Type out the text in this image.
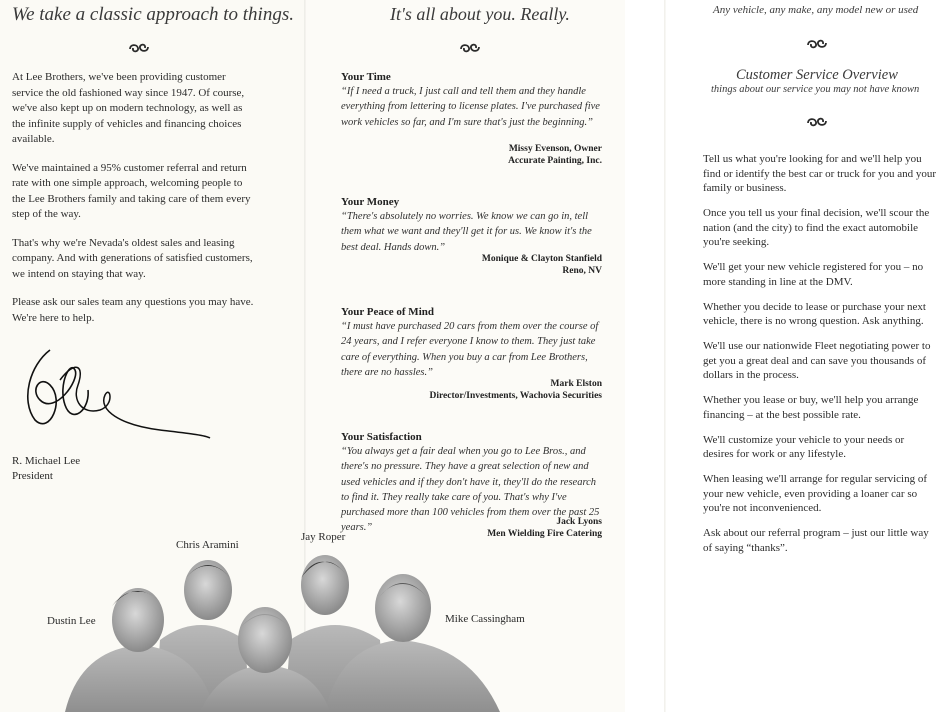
We take a classic approach to things.

At Lee Brothers, we've been providing customer service the old fashioned way since 1947. Of course, we've also kept up on modern technology, as well as the infinite supply of vehicles and financing choices available.

We've maintained a 95% customer referral and return rate with one simple approach, welcoming people to the Lee Brothers family and taking care of them every step of the way.

That's why we're Nevada's oldest sales and leasing company. And with generations of satisfied customers, we intend on staying that way.

Please ask our sales team any questions you may have. We're here to help.

R. Michael Lee
President
It's all about you. Really.
Your Time
“If I need a truck, I just call and tell them and they handle everything from lettering to license plates. I've purchased five work vehicles so far, and I'm sure that's just the beginning.”
Missy Evenson, Owner
Accurate Painting, Inc.
Your Money
“There's absolutely no worries. We know we can go in, tell them what we want and they'll get it for us. We know it's the best deal. Hands down.”
Monique & Clayton Stanfield
Reno, NV
Your Peace of Mind
“I must have purchased 20 cars from them over the course of 24 years, and I refer everyone I know to them. They just take care of everything. When you buy a car from Lee Brothers, there are no hassles.”
Mark Elston
Director/Investments, Wachovia Securities
Your Satisfaction
“You always get a fair deal when you go to Lee Bros., and there's no pressure. They have a great selection of new and used vehicles and if they don't have it, they'll do the research to find it. They really take care of you. That's why I've purchased more than 100 vehicles from them over the past 25 years.”
Jack Lyons
Men Wielding Fire Catering
Chris Aramini
Jay Roper
Dustin Lee	Mike Cassingham
Any vehicle, any make, any model new or used
Customer Service Overview
things about our service you may not have known

Tell us what you're looking for and we'll help you find or identify the best car or truck for you and your family or business.

Once you tell us your final decision, we'll scour the nation (and the city) to find the exact automobile you're seeking.

We'll get your new vehicle registered for you – no more standing in line at the DMV.

Whether you decide to lease or purchase your next vehicle, there is no wrong question. Ask anything.

We'll use our nationwide Fleet negotiating power to get you a great deal and can save you thousands of dollars in the process.

Whether you lease or buy, we'll help you arrange financing – at the best possible rate.

We'll customize your vehicle to your needs or desires for work or any lifestyle.

When leasing we'll arrange for regular servicing of your new vehicle, even providing a loaner car so you're not inconvenienced.

Ask about our referral program – just our little way of saying “thanks”.
